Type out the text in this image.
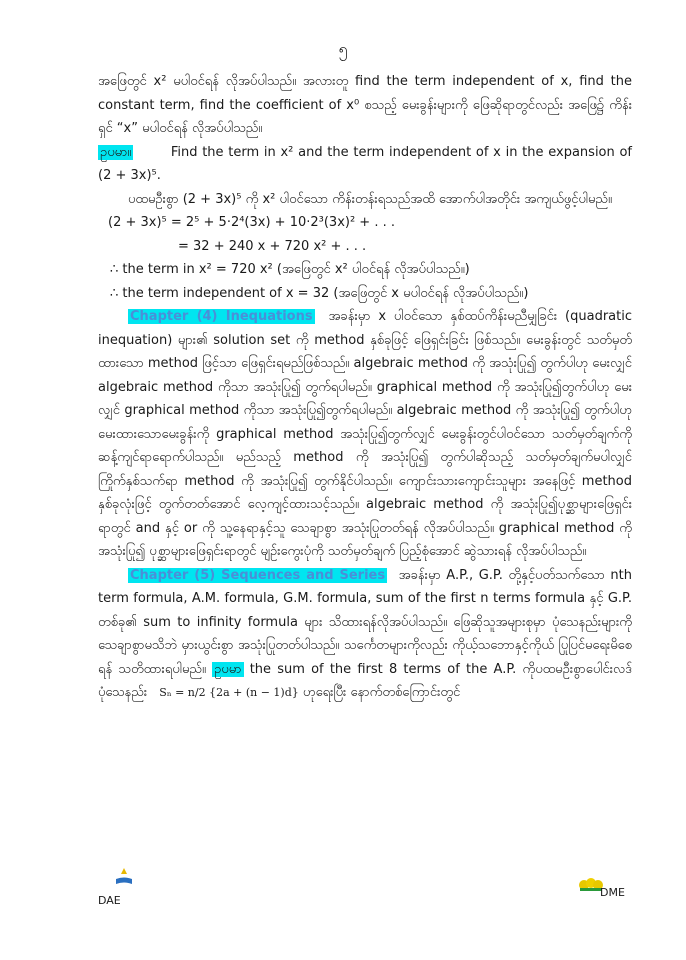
၅

အဖြေတွင် x² မပါဝင်ရန် လိုအပ်ပါသည်။ အလားတူ find the term independent of x, find the constant term, find the coefficient of x⁰ စသည့် မေးခွန်းများကို ဖြေဆိုရာတွင်လည်း အဖြေ၌ ကိန်းရှင် “x” မပါဝင်ရန် လိုအပ်ပါသည်။

ဥပမာ။	Find the term in x² and the term independent of x in the expansion of (2 + 3x)⁵.

ပထမဦးစွာ (2 + 3x)⁵ ကို x² ပါဝင်သော ကိန်းတန်းရသည်အထိ အောက်ပါအတိုင်း အကျယ်ဖွင့်ပါမည်။

(2 + 3x)⁵ = 2⁵ + 5·2⁴(3x) + 10·2³(3x)² + . . .

= 32 + 240 x + 720 x² + . . .

∴ the term in x² = 720 x² (အဖြေတွင် x² ပါဝင်ရန် လိုအပ်ပါသည်။)

∴ the term independent of x = 32 (အဖြေတွင် x မပါဝင်ရန် လိုအပ်ပါသည်။)

Chapter (4) Inequations အခန်းမှာ x ပါဝင်သော နှစ်ထပ်ကိန်းမညီမျှခြင်း (quadratic inequation) များ၏ solution set ကို method နှစ်ခုဖြင့် ဖြေရှင်းခြင်း ဖြစ်သည်။ မေးခွန်းတွင် သတ်မှတ်ထားသော method ဖြင့်သာ ဖြေရှင်းရမည်ဖြစ်သည်။ algebraic method ကို အသုံးပြု၍ တွက်ပါဟု မေးလျှင် algebraic method ကိုသာ အသုံးပြု၍ တွက်ရပါမည်။ graphical method ကို အသုံးပြု၍တွက်ပါဟု မေးလျှင် graphical method ကိုသာ အသုံးပြု၍တွက်ရပါမည်။ algebraic method ကို အသုံးပြု၍ တွက်ပါဟုမေးထားသောမေးခွန်းကို graphical method အသုံးပြု၍တွက်လျှင် မေးခွန်းတွင်ပါဝင်သော သတ်မှတ်ချက်ကို ဆန့်ကျင်ရာရောက်ပါသည်။ မည်သည့် method ကို အသုံးပြု၍ တွက်ပါဆိုသည့် သတ်မှတ်ချက်မပါလျှင် ကြိုက်နှစ်သက်ရာ method ကို အသုံးပြု၍ တွက်နိုင်ပါသည်။ ကျောင်းသားကျောင်းသူများ အနေဖြင့် method နှစ်ခုလုံးဖြင့် တွက်တတ်အောင် လေ့ကျင့်ထားသင့်သည်။ algebraic method ကို အသုံးပြု၍ပုစ္ဆာများဖြေရှင်းရာတွင် and နှင့် or ကို သူ့နေရာနှင့်သူ သေချာစွာ အသုံးပြုတတ်ရန် လိုအပ်ပါသည်။ graphical method ကို အသုံးပြု၍ ပုစ္ဆာများဖြေရှင်းရာတွင် မျဉ်းကွေးပုံကို သတ်မှတ်ချက် ပြည့်စုံအောင် ဆွဲသားရန် လိုအပ်ပါသည်။

Chapter (5) Sequences and Series အခန်းမှာ A.P., G.P. တို့နှင့်ပတ်သက်သော nth term formula, A.M. formula, G.M. formula, sum of the first n terms formula နှင့် G.P. တစ်ခု၏ sum to infinity formula များ သိထားရန်လိုအပ်ပါသည်။ ဖြေဆိုသူအများစုမှာ ပုံသေနည်းများကို သေချာစွာမသိဘဲ မှားယွင်းစွာ အသုံးပြုတတ်ပါသည်။ သင်္ကေတများကိုလည်း ကိုယ့်သဘောနှင့်ကိုယ် ပြုပြင်မရေးမိစေရန် သတိထားရပါမည်။ ဥပမာ the sum of the first 8 terms of the A.P. ကိုပထမဦးစွာပေါင်းလဒ်ပုံသေနည်း Sₙ = n/2 {2a + (n − 1)d} ဟုရေးပြီး နောက်တစ်ကြောင်းတွင်

DAE
DME
